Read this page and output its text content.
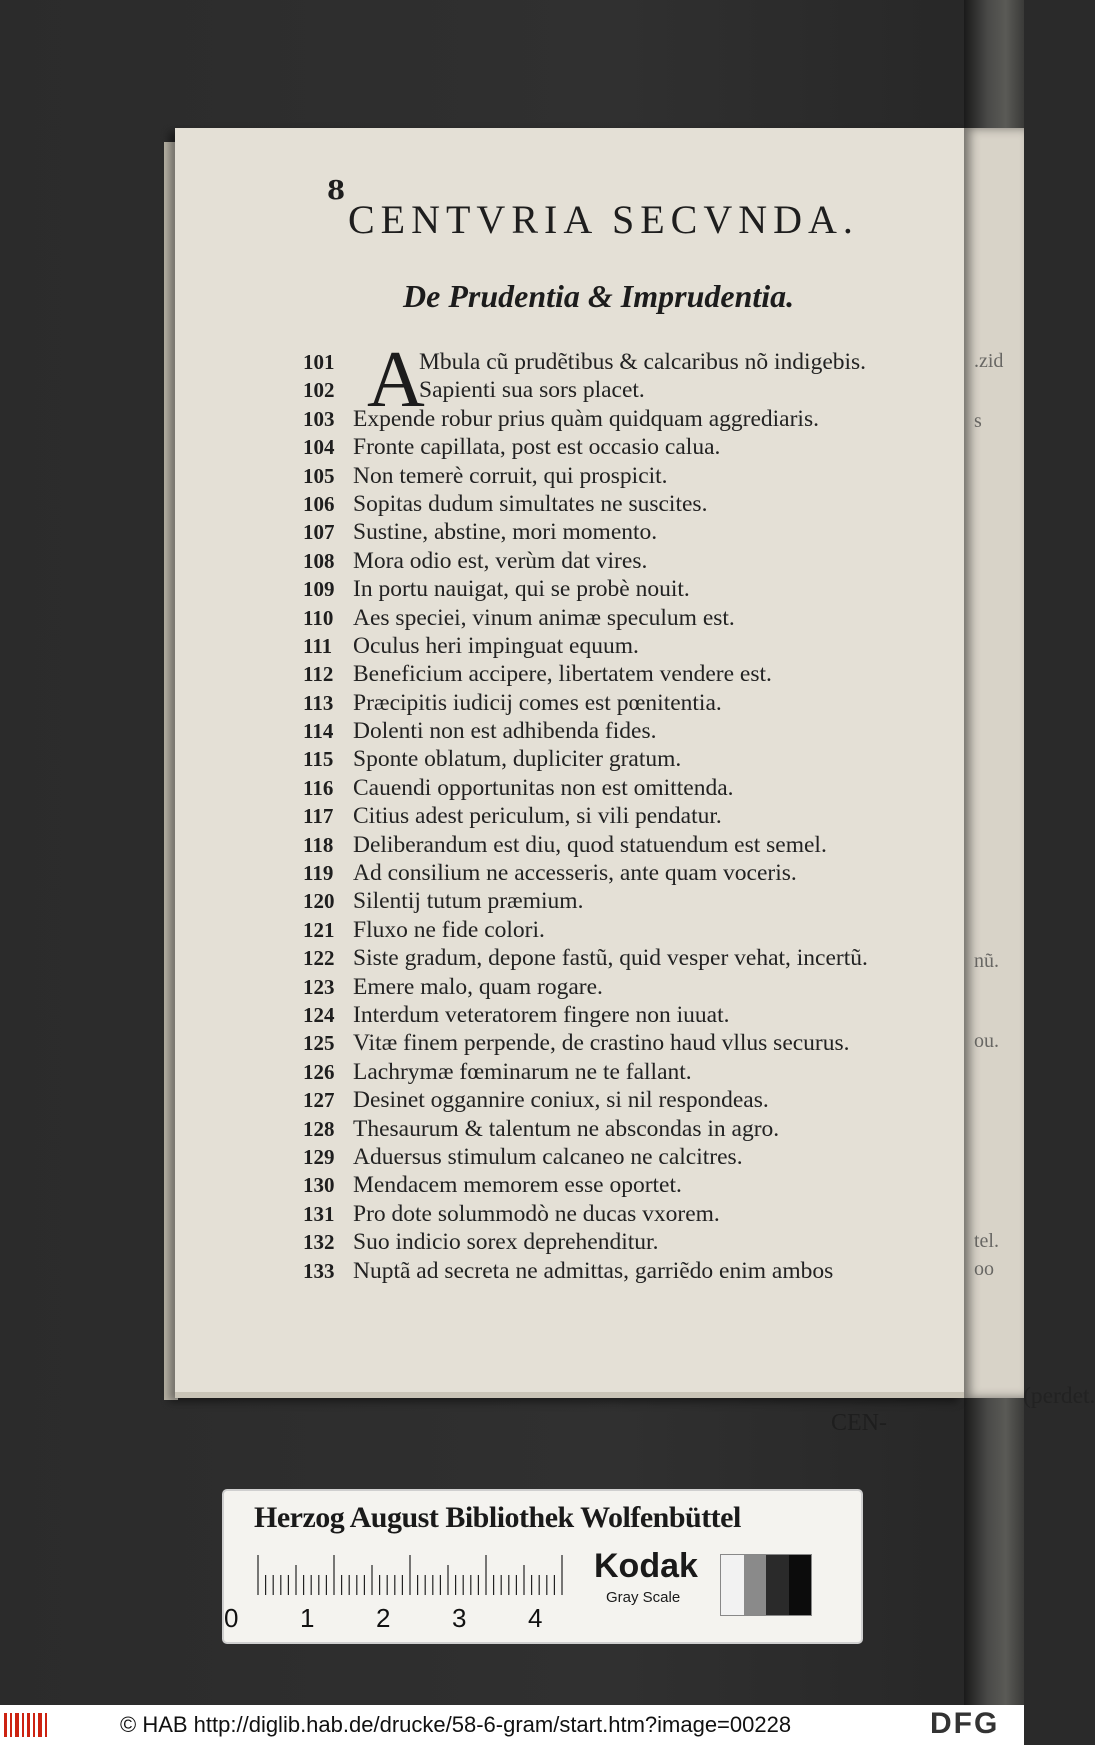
.zid
s
nũ.
ou.
tel.
oo
8
CENTVRIA SECVNDA.
De Prudentia & Imprudentia.
A
101	Mbula cũ prudẽtibus & calcaribus nõ indigebis.
102	Sapienti sua sors placet.
103 Expende robur prius quàm quidquam aggrediaris.
104 Fronte capillata, post est occasio calua.
105 Non temerè corruit, qui prospicit.
106 Sopitas dudum simultates ne suscites.
107 Sustine, abstine, mori momento.
108 Mora odio est, verùm dat vires.
109 In portu nauigat, qui se probè nouit.
110 Aes speciei, vinum animæ speculum est.
111 Oculus heri impinguat equum.
112 Beneficium accipere, libertatem vendere est.
113 Præcipitis iudicij comes est pœnitentia.
114 Dolenti non est adhibenda fides.
115 Sponte oblatum, dupliciter gratum.
116 Cauendi opportunitas non est omittenda.
117 Citius adest periculum, si vili pendatur.
118 Deliberandum est diu, quod statuendum est semel.
119 Ad consilium ne accesseris, ante quam voceris.
120 Silentij tutum præmium.
121 Fluxo ne fide colori.
122 Siste gradum, depone fastũ, quid vesper vehat, incertũ.
123 Emere malo, quam rogare.
124 Interdum veteratorem fingere non iuuat.
125 Vitæ finem perpende, de crastino haud vllus securus.
126 Lachrymæ fœminarum ne te fallant.
127 Desinet oggannire coniux, si nil respondeas.
128 Thesaurum & talentum ne abscondas in agro.
129 Aduersus stimulum calcaneo ne calcitres.
130 Mendacem memorem esse oportet.
131 Pro dote solummodò ne ducas vxorem.
132 Suo indicio sorex deprehenditur.
133 Nuptã ad secreta ne admittas, garriẽdo enim ambos
(perdet.
CEN-
Herzog August Bibliothek Wolfenbüttel
0 1 2 3 4
Kodak
Gray Scale
© HAB http://diglib.hab.de/drucke/58-6-gram/start.htm?image=00228	DFG
